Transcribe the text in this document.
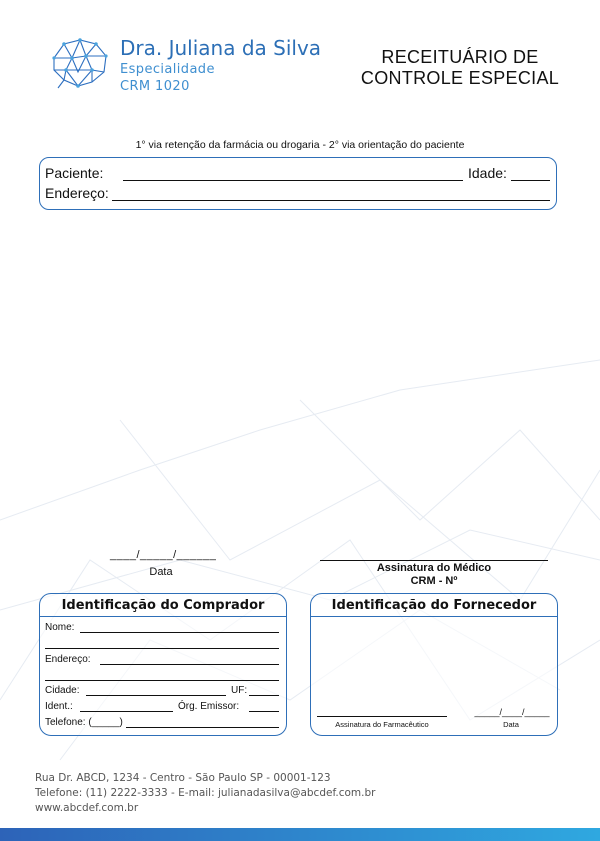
Dra. Juliana da Silva
Especialidade
CRM 1020
RECEITUÁRIO DE
CONTROLE ESPECIAL
1° via retenção da farmácia ou drogaria - 2° via orientação do paciente
Paciente:	Idade:
Endereço:
____/_____/______
Data	Assinatura do Médico
CRM - Nº
Identificação do Comprador
Nome:
Endereço:
Cidade:	UF:
Ident.:	Órg. Emissor:
Telefone: (_____)
Identificação do Fornecedor
Assinatura do Farmacêutico
_____/____/_____
Data
Rua Dr. ABCD, 1234 - Centro - São Paulo SP - 00001-123
Telefone: (11) 2222-3333 - E-mail: julianadasilva@abcdef.com.br
www.abcdef.com.br
